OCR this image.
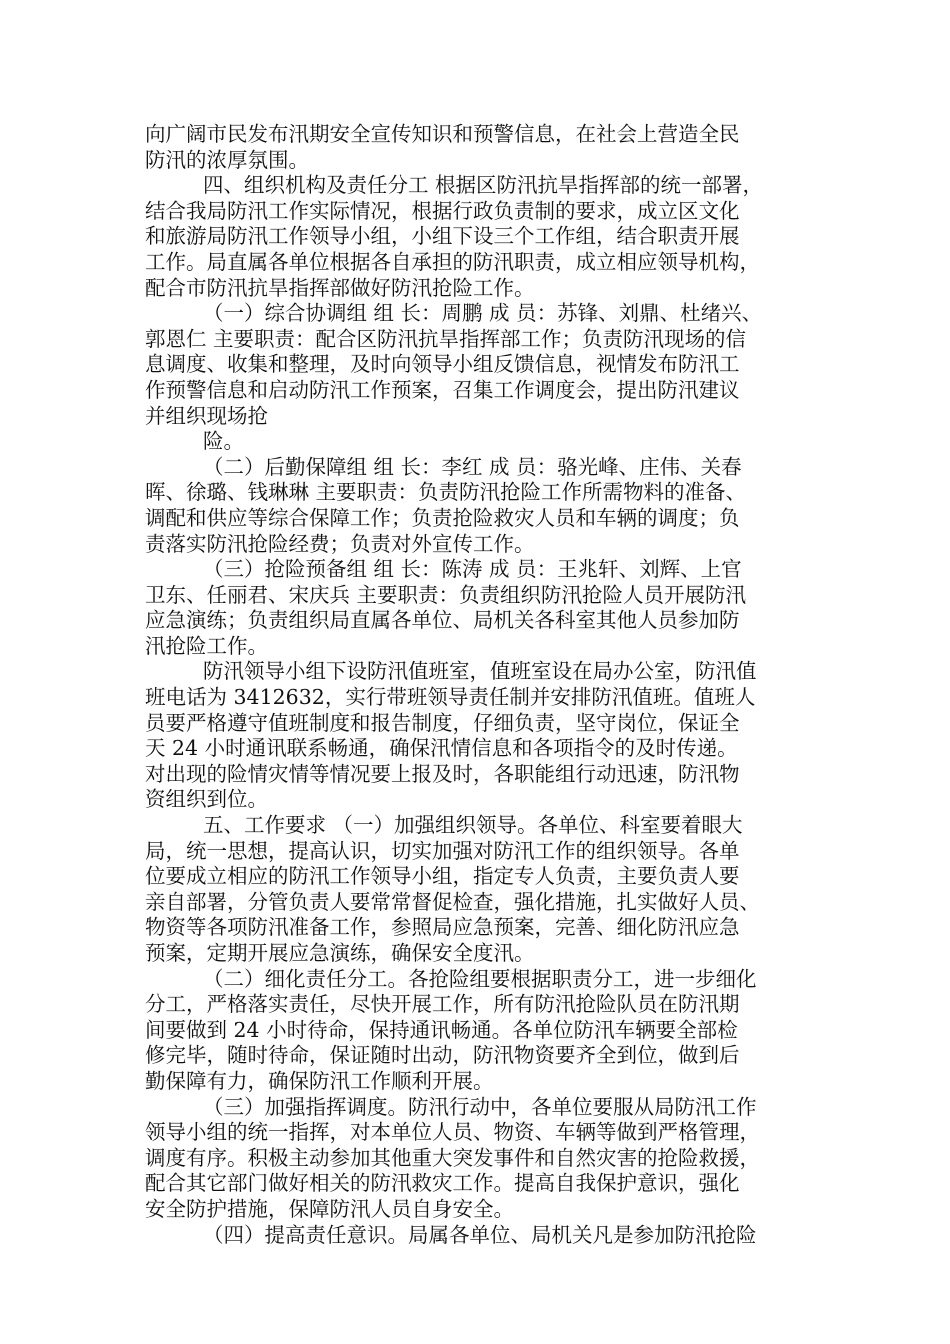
向广阔市民发布汛期安全宣传知识和预警信息，在社会上营造全民
防汛的浓厚氛围。
四、组织机构及责任分工 根据区防汛抗旱指挥部的统一部署，
结合我局防汛工作实际情况，根据行政负责制的要求，成立区文化
和旅游局防汛工作领导小组，小组下设三个工作组，结合职责开展
工作。局直属各单位根据各自承担的防汛职责，成立相应领导机构，
配合市防汛抗旱指挥部做好防汛抢险工作。
（一）综合协调组 组 长：周鹏 成 员：苏锋、刘鼎、杜绪兴、
郭恩仁 主要职责：配合区防汛抗旱指挥部工作；负责防汛现场的信
息调度、收集和整理，及时向领导小组反馈信息，视情发布防汛工
作预警信息和启动防汛工作预案，召集工作调度会，提出防汛建议
并组织现场抢
险。
（二）后勤保障组 组 长：李红 成 员：骆光峰、庄伟、关春
晖、徐璐、钱琳琳 主要职责：负责防汛抢险工作所需物料的准备、
调配和供应等综合保障工作；负责抢险救灾人员和车辆的调度；负
责落实防汛抢险经费；负责对外宣传工作。
（三）抢险预备组 组 长：陈涛 成 员：王兆轩、刘辉、上官
卫东、任丽君、宋庆兵 主要职责：负责组织防汛抢险人员开展防汛
应急演练；负责组织局直属各单位、局机关各科室其他人员参加防
汛抢险工作。
防汛领导小组下设防汛值班室，值班室设在局办公室，防汛值
班电话为 3412632，实行带班领导责任制并安排防汛值班。值班人
员要严格遵守值班制度和报告制度，仔细负责，坚守岗位，保证全
天 24 小时通讯联系畅通，确保汛情信息和各项指令的及时传递。
对出现的险情灾情等情况要上报及时，各职能组行动迅速，防汛物
资组织到位。
五、工作要求 （一）加强组织领导。各单位、科室要着眼大
局，统一思想，提高认识，切实加强对防汛工作的组织领导。各单
位要成立相应的防汛工作领导小组，指定专人负责，主要负责人要
亲自部署，分管负责人要常常督促检查，强化措施，扎实做好人员、
物资等各项防汛准备工作，参照局应急预案，完善、细化防汛应急
预案，定期开展应急演练，确保安全度汛。
（二）细化责任分工。各抢险组要根据职责分工，进一步细化
分工，严格落实责任，尽快开展工作，所有防汛抢险队员在防汛期
间要做到 24 小时待命，保持通讯畅通。各单位防汛车辆要全部检
修完毕，随时待命，保证随时出动，防汛物资要齐全到位，做到后
勤保障有力，确保防汛工作顺利开展。
（三）加强指挥调度。防汛行动中，各单位要服从局防汛工作
领导小组的统一指挥，对本单位人员、物资、车辆等做到严格管理，
调度有序。积极主动参加其他重大突发事件和自然灾害的抢险救援，
配合其它部门做好相关的防汛救灾工作。提高自我保护意识，强化
安全防护措施，保障防汛人员自身安全。
（四）提高责任意识。局属各单位、局机关凡是参加防汛抢险
